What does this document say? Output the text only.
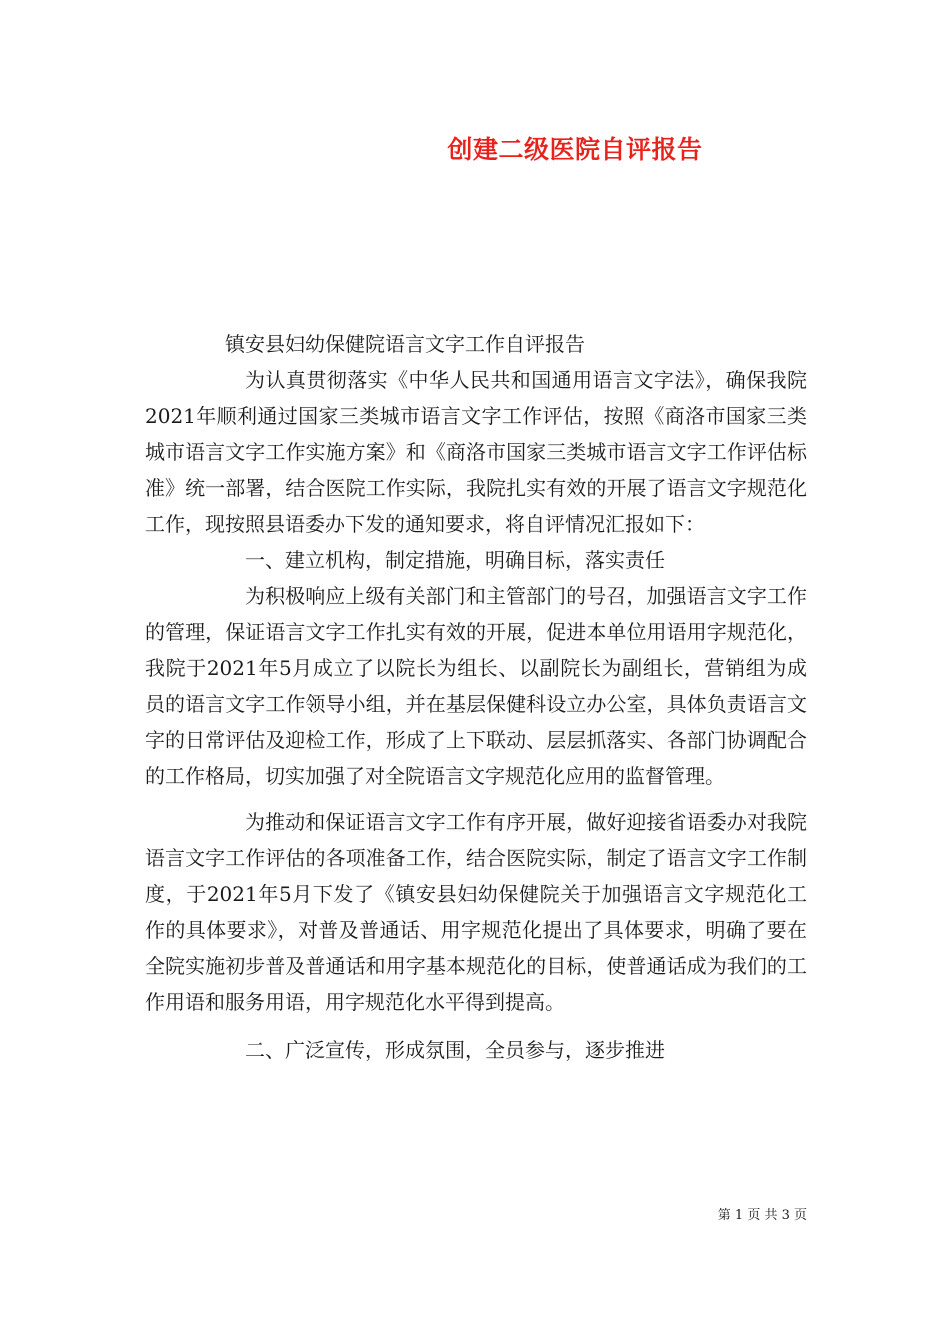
创建二级医院自评报告

镇安县妇幼保健院语言文字工作自评报告

为认真贯彻落实《中华人民共和国通用语言文字法》，确保我院2021年顺利通过国家三类城市语言文字工作评估，按照《商洛市国家三类城市语言文字工作实施方案》和《商洛市国家三类城市语言文字工作评估标准》统一部署，结合医院工作实际，我院扎实有效的开展了语言文字规范化工作，现按照县语委办下发的通知要求，将自评情况汇报如下：

一、建立机构，制定措施，明确目标，落实责任

为积极响应上级有关部门和主管部门的号召，加强语言文字工作的管理，保证语言文字工作扎实有效的开展，促进本单位用语用字规范化，我院于2021年5月成立了以院长为组长、以副院长为副组长，营销组为成员的语言文字工作领导小组，并在基层保健科设立办公室，具体负责语言文字的日常评估及迎检工作，形成了上下联动、层层抓落实、各部门协调配合的工作格局，切实加强了对全院语言文字规范化应用的监督管理。

为推动和保证语言文字工作有序开展，做好迎接省语委办对我院语言文字工作评估的各项准备工作，结合医院实际，制定了语言文字工作制度，于2021年5月下发了《镇安县妇幼保健院关于加强语言文字规范化工作的具体要求》，对普及普通话、用字规范化提出了具体要求，明确了要在全院实施初步普及普通话和用字基本规范化的目标，使普通话成为我们的工作用语和服务用语，用字规范化水平得到提高。

二、广泛宣传，形成氛围，全员参与，逐步推进

第 1 页 共 3 页
